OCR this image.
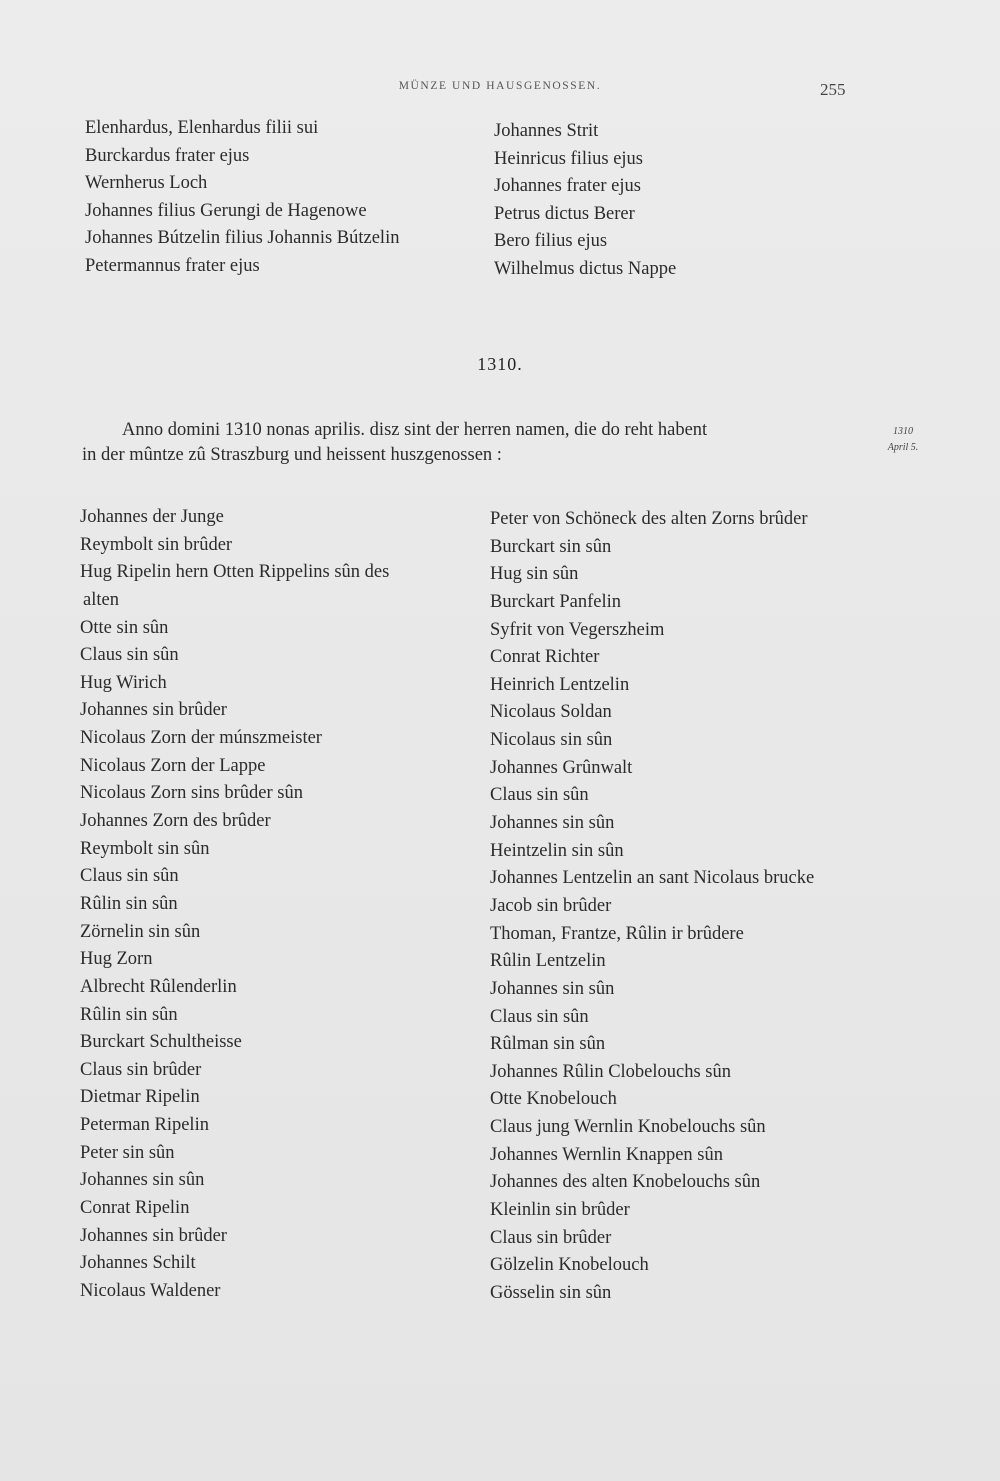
MÜNZE UND HAUSGENOSSEN.	255
Elenhardus, Elenhardus filii sui
Burckardus frater ejus
Wernherus Loch
Johannes filius Gerungi de Hagenowe
Johannes Bútzelin filius Johannis Bútzelin
Petermannus frater ejus
Johannes Strit
Heinricus filius ejus
Johannes frater ejus
Petrus dictus Berer
Bero filius ejus
Wilhelmus dictus Nappe
1310.
Anno domini 1310 nonas aprilis. disz sint der herren namen, die do reht habent
in der mûntze zû Straszburg und heissent huszgenossen :
1310
April 5.
Johannes der Junge
Reymbolt sin brûder
Hug Ripelin hern Otten Rippelins sûn des
alten
Otte sin sûn
Claus sin sûn
Hug Wirich
Johannes sin brûder
Nicolaus Zorn der múnszmeister
Nicolaus Zorn der Lappe
Nicolaus Zorn sins brûder sûn
Johannes Zorn des brûder
Reymbolt sin sûn
Claus sin sûn
Rûlin sin sûn
Zörnelin sin sûn
Hug Zorn
Albrecht Rûlenderlin
Rûlin sin sûn
Burckart Schultheisse
Claus sin brûder
Dietmar Ripelin
Peterman Ripelin
Peter sin sûn
Johannes sin sûn
Conrat Ripelin
Johannes sin brûder
Johannes Schilt
Nicolaus Waldener
Peter von Schöneck des alten Zorns brûder
Burckart sin sûn
Hug sin sûn
Burckart Panfelin
Syfrit von Vegerszheim
Conrat Richter
Heinrich Lentzelin
Nicolaus Soldan
Nicolaus sin sûn
Johannes Grûnwalt
Claus sin sûn
Johannes sin sûn
Heintzelin sin sûn
Johannes Lentzelin an sant Nicolaus brucke
Jacob sin brûder
Thoman, Frantze, Rûlin ir brûdere
Rûlin Lentzelin
Johannes sin sûn
Claus sin sûn
Rûlman sin sûn
Johannes Rûlin Clobelouchs sûn
Otte Knobelouch
Claus jung Wernlin Knobelouchs sûn
Johannes Wernlin Knappen sûn
Johannes des alten Knobelouchs sûn
Kleinlin sin brûder
Claus sin brûder
Gölzelin Knobelouch
Gösselin sin sûn
